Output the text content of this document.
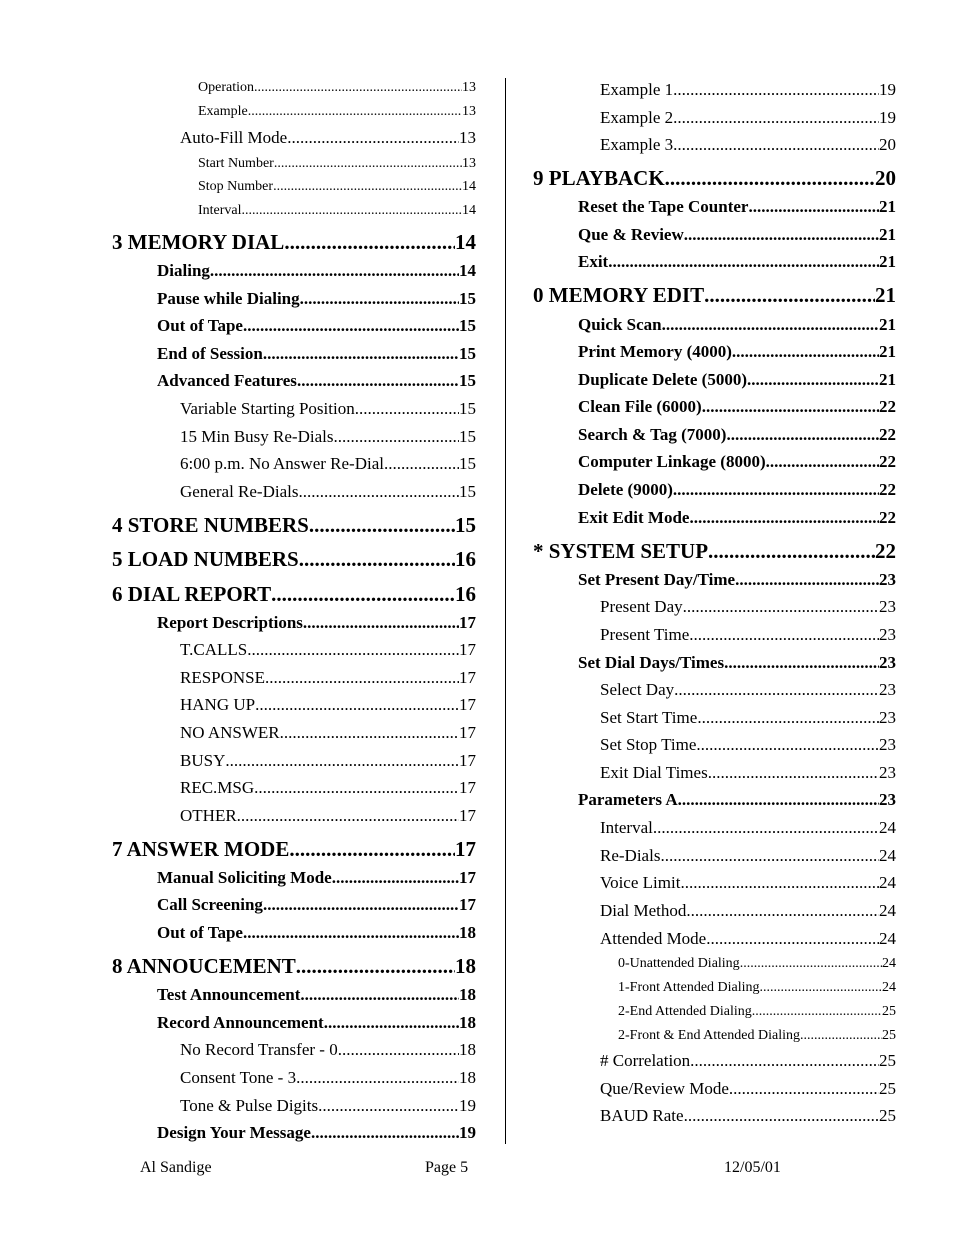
Operation .....	13
Example .....	13
Auto-Fill Mode .....	13
Start Number .....	13
Stop Number .....	14
Interval .....	14
3 MEMORY DIAL .....	14
Dialing .....	14
Pause while Dialing .....	15
Out of Tape .....	15
End of Session .....	15
Advanced Features .....	15
Variable Starting Position .....	15
15 Min Busy Re-Dials .....	15
6:00 p.m. No Answer Re-Dial .....	15
General Re-Dials .....	15
4 STORE NUMBERS .....	15
5 LOAD NUMBERS .....	16
6 DIAL REPORT .....	16
Report Descriptions .....	17
T.CALLS .....	17
RESPONSE .....	17
HANG UP .....	17
NO ANSWER .....	17
BUSY .....	17
REC.MSG .....	17
OTHER .....	17
7 ANSWER MODE .....	17
Manual Soliciting Mode .....	17
Call Screening .....	17
Out of Tape .....	18
8 ANNOUCEMENT .....	18
Test Announcement .....	18
Record Announcement .....	18
No Record Transfer - 0 .....	18
Consent Tone - 3 .....	18
Tone & Pulse Digits .....	19
Design Your Message .....	19
Example 1 .....	19
Example 2 .....	19
Example 3 .....	20
9 PLAYBACK .....	20
Reset the Tape Counter .....	21
Que & Review .....	21
Exit .....	21
0 MEMORY EDIT .....	21
Quick Scan .....	21
Print Memory (4000) .....	21
Duplicate Delete (5000) .....	21
Clean File (6000) .....	22
Search & Tag (7000) .....	22
Computer Linkage (8000) .....	22
Delete (9000) .....	22
Exit Edit Mode .....	22
* SYSTEM SETUP .....	22
Set Present Day/Time .....	23
Present Day .....	23
Present Time .....	23
Set Dial Days/Times .....	23
Select Day .....	23
Set Start Time .....	23
Set Stop Time .....	23
Exit Dial Times .....	23
Parameters A .....	23
Interval .....	24
Re-Dials .....	24
Voice Limit .....	24
Dial Method .....	24
Attended Mode .....	24
0-Unattended Dialing .....	24
1-Front Attended Dialing .....	24
2-End Attended Dialing .....	25
2-Front & End Attended Dialing .....	25
# Correlation .....	25
Que/Review Mode .....	25
BAUD Rate .....	25
Al Sandige	Page 5	12/05/01
